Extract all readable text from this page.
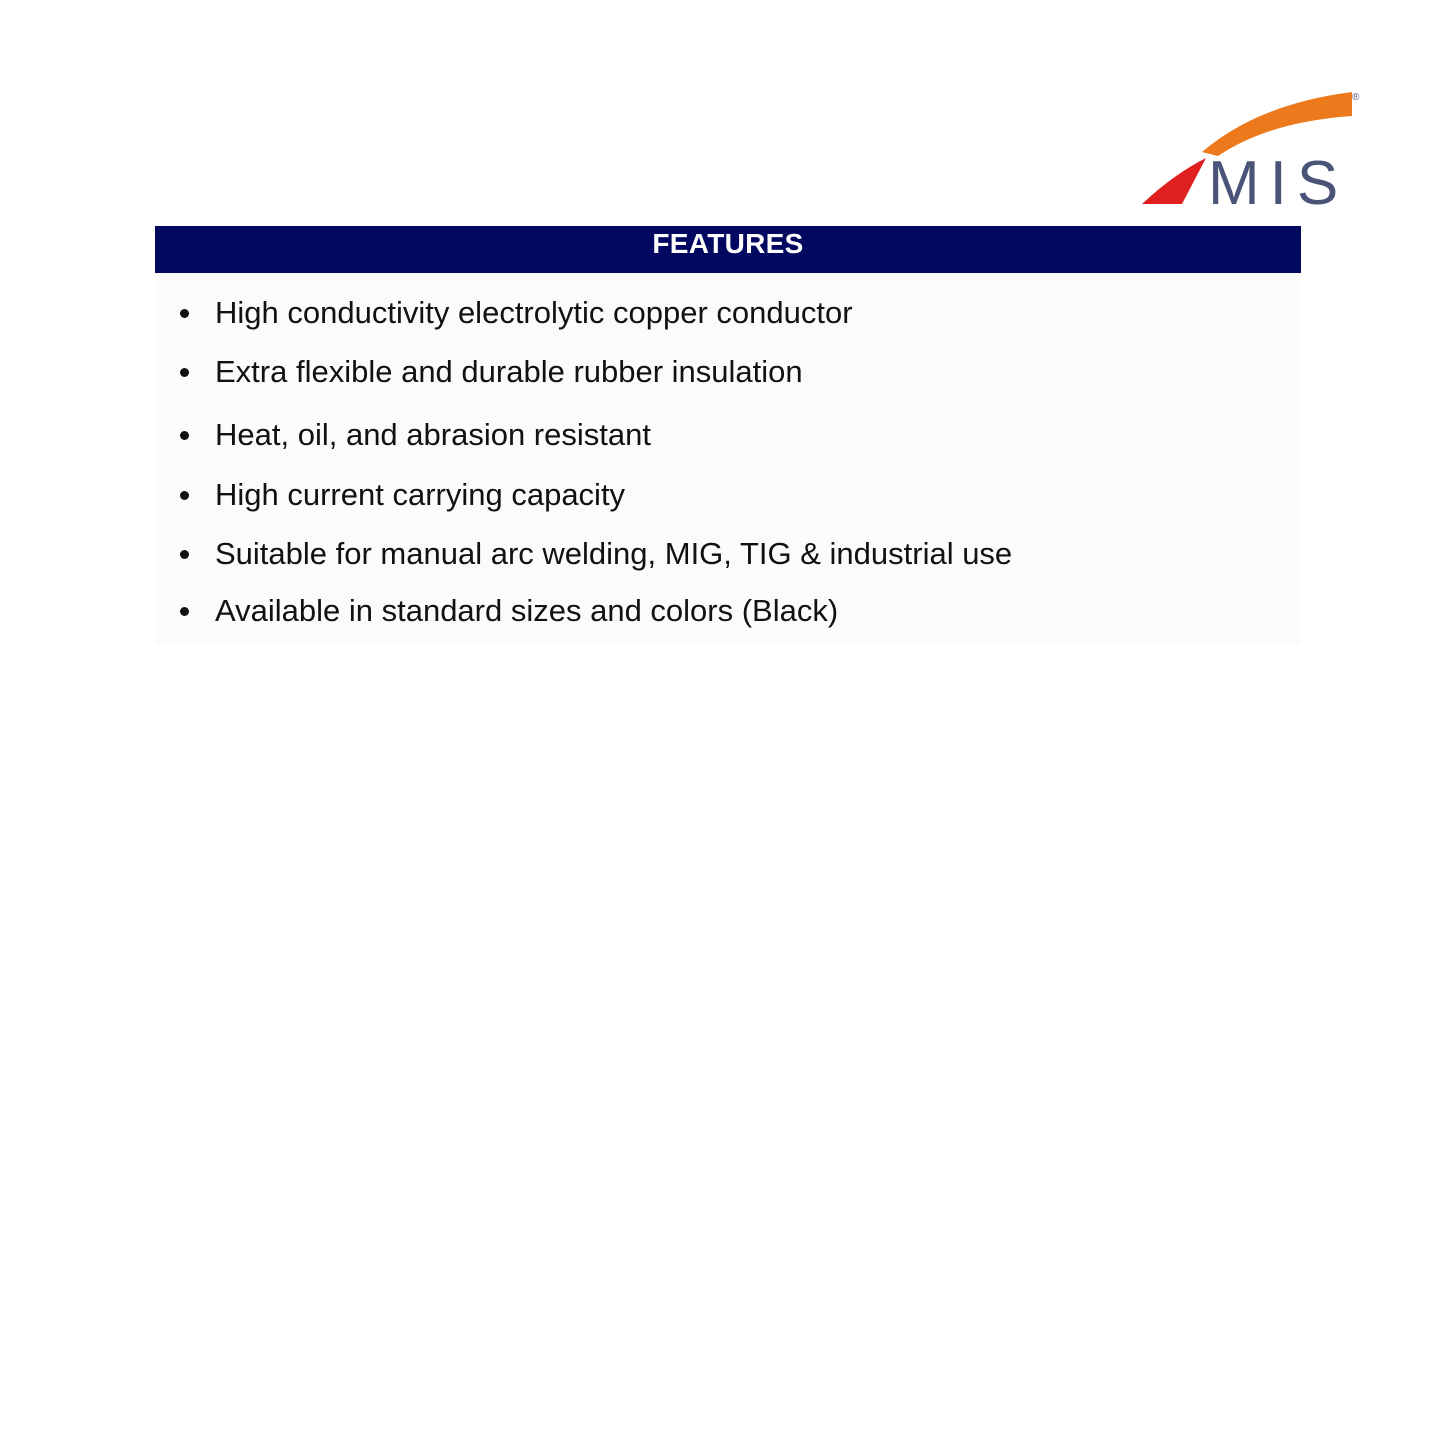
MIS
®
FEATURES
High conductivity electrolytic copper conductor
Extra flexible and durable rubber insulation
Heat, oil, and abrasion resistant
High current carrying capacity
Suitable for manual arc welding, MIG, TIG & industrial use
Available in standard sizes and colors (Black)
